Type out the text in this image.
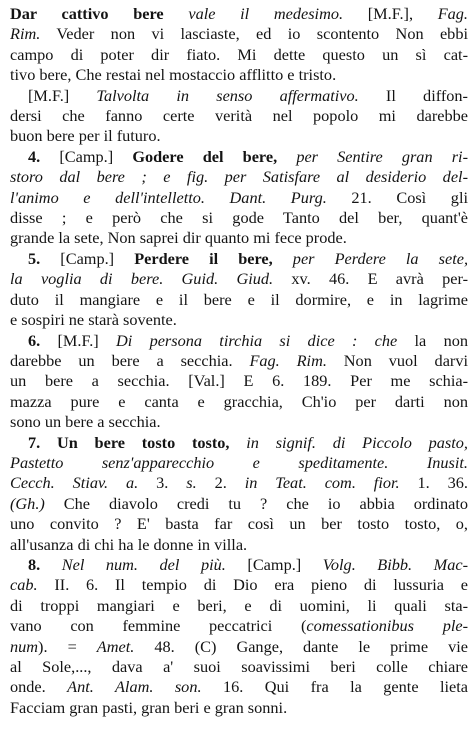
Dar cattivo bere vale il medesimo. [M.F.], Fag.
Rim. Veder non vi lasciaste, ed io scontento Non ebbi
campo di poter dir fiato. Mi dette questo un sì cat-
tivo bere, Che restai nel mostaccio afflitto e tristo.
[M.F.] Talvolta in senso affermativo. Il diffon-
dersi che fanno certe verità nel popolo mi darebbe
buon bere per il futuro.
4. [Camp.] Godere del bere, per Sentire gran ri-
storo dal bere ; e fig. per Satisfare al desiderio del-
l'animo e dell'intelletto. Dant. Purg. 21. Così gli
disse ; e però che si gode Tanto del ber, quant'è
grande la sete, Non saprei dir quanto mi fece prode.
5. [Camp.] Perdere il bere, per Perdere la sete,
la voglia di bere. Guid. Giud. xv. 46. E avrà per-
duto il mangiare e il bere e il dormire, e in lagrime
e sospiri ne starà sovente.
6. [M.F.] Di persona tirchia si dice : che la non
darebbe un bere a secchia. Fag. Rim. Non vuol darvi
un bere a secchia. [Val.] E 6. 189. Per me schia-
mazza pure e canta e gracchia, Ch'io per darti non
sono un bere a secchia.
7. Un bere tosto tosto, in signif. di Piccolo pasto,
Pastetto senz'apparecchio e speditamente. Inusit.
Cecch. Stiav. a. 3. s. 2. in Teat. com. fior. 1. 36.
(Gh.) Che diavolo credi tu ? che io abbia ordinato
uno convito ? E' basta far così un ber tosto tosto, o,
all'usanza di chi ha le donne in villa.
8. Nel num. del più. [Camp.] Volg. Bibb. Mac-
cab. II. 6. Il tempio di Dio era pieno di lussuria e
di troppi mangiari e beri, e di uomini, li quali sta-
vano con femmine peccatrici (comessationibus ple-
num). = Amet. 48. (C) Gange, dante le prime vie
al Sole,..., dava a' suoi soavissimi beri colle chiare
onde. Ant. Alam. son. 16. Qui fra la gente lieta
Facciam gran pasti, gran beri e gran sonni.
